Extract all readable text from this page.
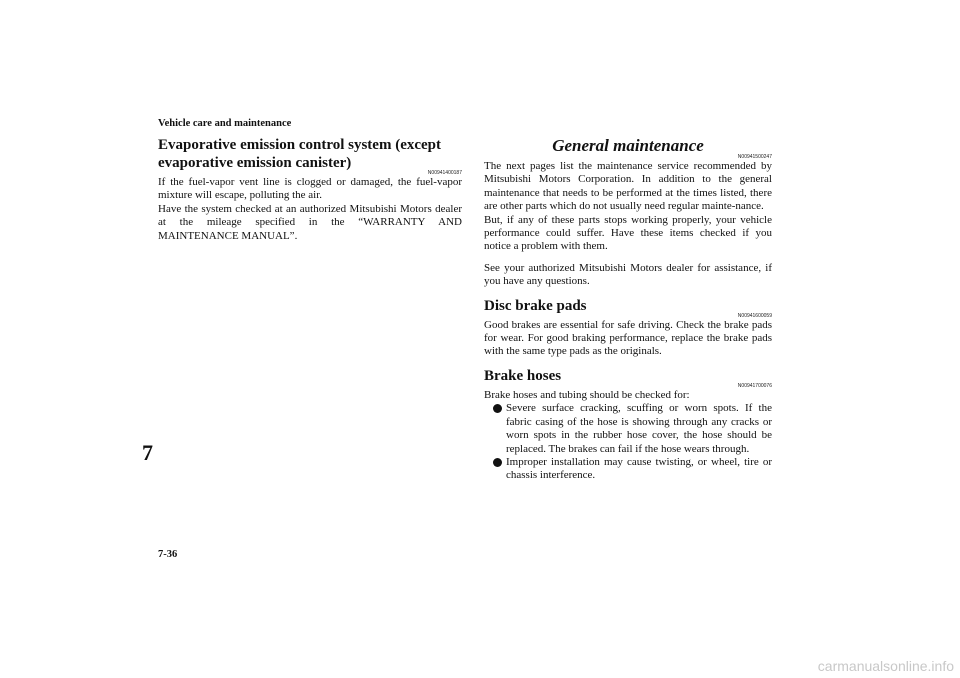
Vehicle care and maintenance
7
Evaporative emission control system (except evaporative emission canister)
N00941400187

If the fuel-vapor vent line is clogged or damaged, the fuel-vapor mixture will escape, polluting the air.

Have the system checked at an authorized Mitsubishi Motors dealer at the mileage specified in the “WARRANTY AND MAINTENANCE MANUAL”.

General maintenance
N00941500247

The next pages list the maintenance service recommended by Mitsubishi Motors Corporation. In addition to the general maintenance that needs to be performed at the times listed, there are other parts which do not usually need regular mainte-nance.

But, if any of these parts stops working properly, your vehicle performance could suffer. Have these items checked if you notice a problem with them.

See your authorized Mitsubishi Motors dealer for assistance, if you have any questions.

Disc brake pads
N00941600059

Good brakes are essential for safe driving. Check the brake pads for wear. For good braking performance, replace the brake pads with the same type pads as the originals.

Brake hoses
N00941700076

Brake hoses and tubing should be checked for:

Severe surface cracking, scuffing or worn spots. If the fabric casing of the hose is showing through any cracks or worn spots in the rubber hose cover, the hose should be replaced. The brakes can fail if the hose wears through.
Improper installation may cause twisting, or wheel, tire or chassis interference.
7-36
carmanualsonline.info
